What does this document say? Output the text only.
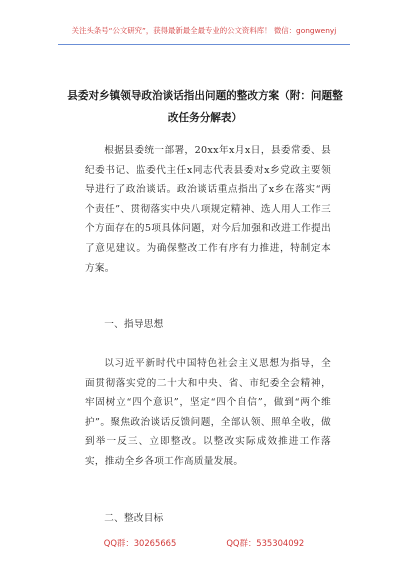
关注头条号“公文研究”，获得最新最全最专业的公文资料库！ 微信：gongwenyj
县委对乡镇领导政治谈话指出问题的整改方案（附：问题整改任务分解表）
根据县委统一部署，20xx年x月x日，县委常委、县纪委书记、监委代主任x同志代表县委对x乡党政主要领导进行了政治谈话。政治谈话重点指出了x乡在落实“两个责任”、贯彻落实中央八项规定精神、选人用人工作三个方面存在的5项具体问题，对今后加强和改进工作提出了意见建议。为确保整改工作有序有力推进，特制定本方案。
一、指导思想
以习近平新时代中国特色社会主义思想为指导，全面贯彻落实党的二十大和中央、省、市纪委全会精神，牢固树立“四个意识”，坚定“四个自信”，做到“两个维护”。聚焦政治谈话反馈问题，全部认领、照单全收，做到举一反三、立即整改。以整改实际成效推进工作落实，推动全乡各项工作高质量发展。
二、整改目标
QQ群：30265665	QQ群：535304092
